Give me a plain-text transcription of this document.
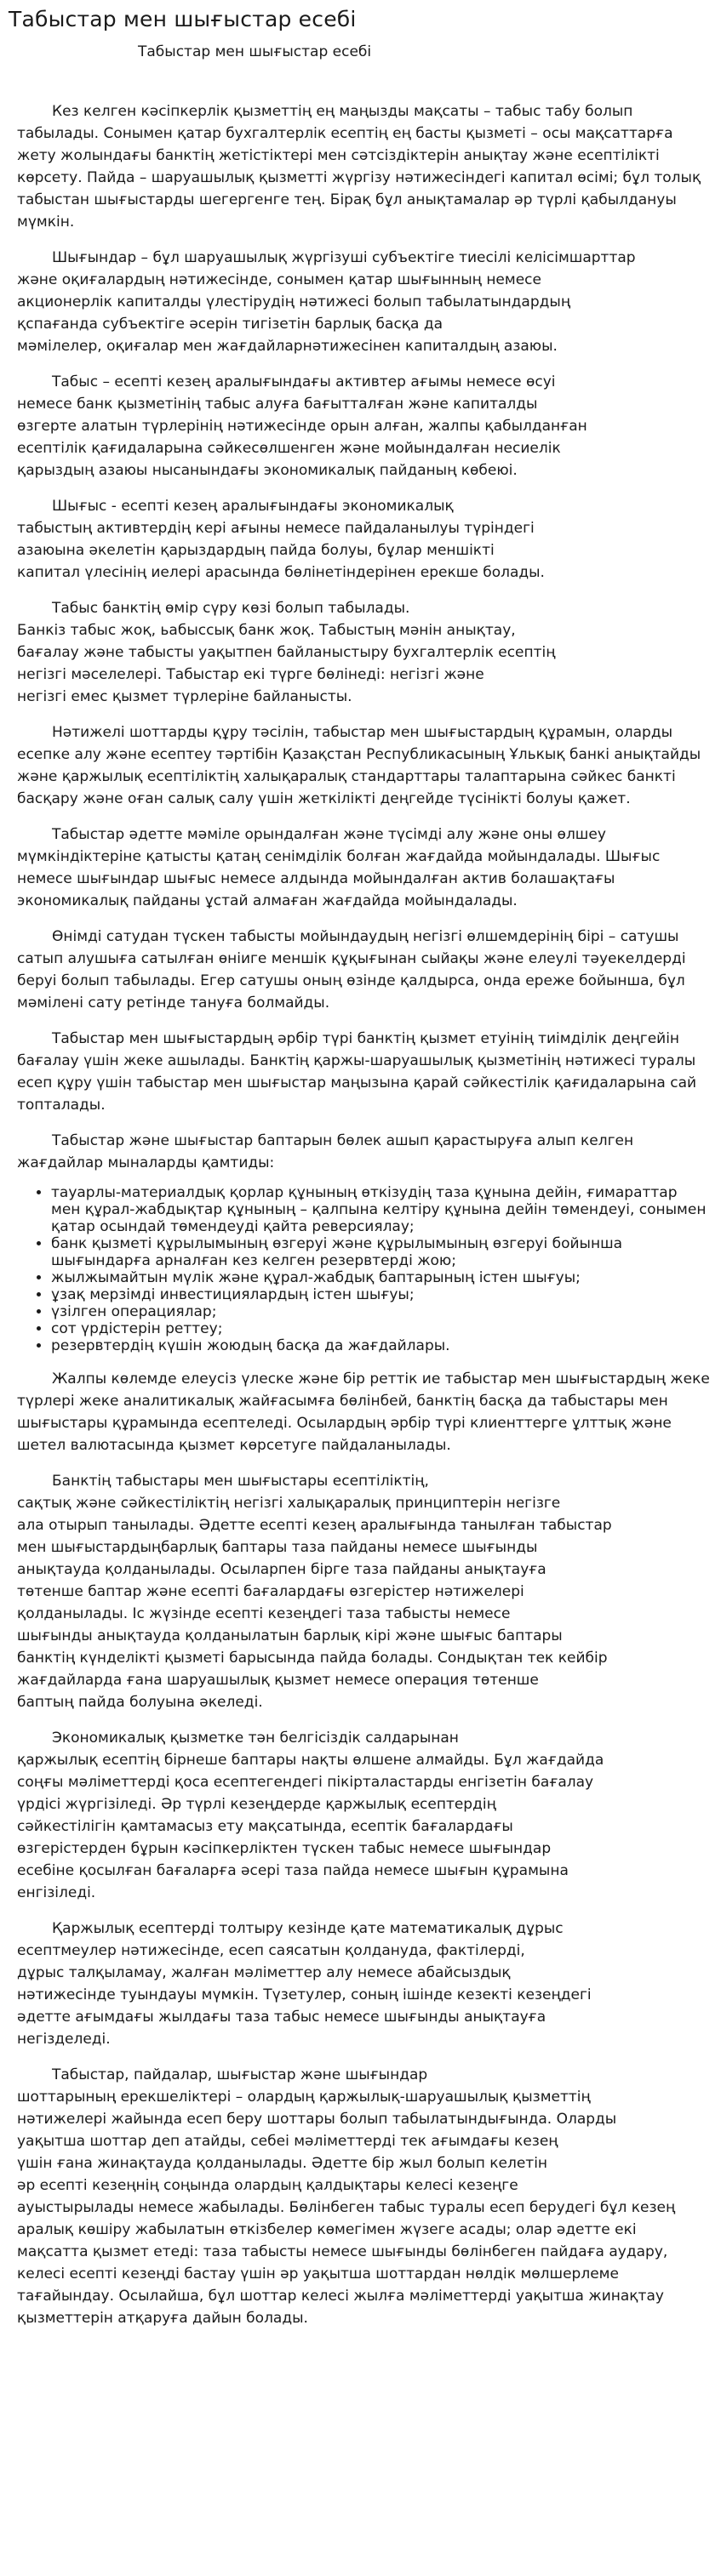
Табыстар мен шығыстар есебі
Табыстар мен шығыстар есебі

Кез келген кәсіпкерлік қызметтің ең маңызды мақсаты – табыс табу болып табылады. Сонымен қатар бухгалтерлік есептің ең басты қызметі – осы мақсаттарға жету жолындағы банктің жетістіктері мен сәтсіздіктерін анықтау және есептілікті көрсету. Пайда – шаруашылық қызметті жүргізу нәтижесіндегі капитал өсімі; бұл толық табыстан шығыстарды шегергенге тең. Бірақ бұл анықтамалар әр түрлі қабылдануы мүмкін.

Шығындар – бұл шаруашылық жүргізуші субъектіге тиесілі келісімшарттар
және оқиғалардың нәтижесінде, сонымен қатар шығынның немесе
акционерлік капиталды үлестірудің нәтижесі болып табылатындардың
қспағанда субъектіге әсерін тигізетін барлық басқа да
мәмілелер, оқиғалар мен жағдайларнәтижесінен капиталдың азаюы.

Табыс – есепті кезең аралығындағы активтер ағымы немесе өсуі
немесе банк қызметінің табыс алуға бағытталған және капиталды
өзгерте алатын түрлерінің нәтижесінде орын алған, жалпы қабылданған
есептілік қағидаларына сәйкесөлшенген және мойындалған несиелік
қарыздың азаюы нысанындағы экономикалық пайданың көбеюі.

Шығыс - есепті кезең аралығындағы экономикалық
табыстың активтердің кері ағыны немесе пайдаланылуы түріндегі
азаюына әкелетін қарыздардың пайда болуы, бұлар меншікті
капитал үлесінің иелері арасында бөлінетіндерінен ерекше болады.

Табыс банктің өмір сүру көзі болып табылады.
Банкіз табыс жоқ, ьабыссық банк жоқ. Табыстың мәнін анықтау,
бағалау және табысты уақытпен байланыстыру бухгалтерлік есептің
негізгі мәселелері. Табыстар екі түрге бөлінеді: негізгі және
негізгі емес қызмет түрлеріне байланысты.

Нәтижелі шоттарды құру тәсілін, табыстар мен шығыстардың құрамын, оларды есепке алу және есептеу тәртібін Қазақстан Республикасының Ұлькық банкі анықтайды және қаржылық есептіліктің халықаралық стандарттары талаптарына сәйкес банкті басқару және оған салық салу үшін жеткілікті деңгейде түсінікті болуы қажет.

Табыстар әдетте мәміле орындалған және түсімді алу және оны өлшеу мүмкіндіктеріне қатысты қатаң сенімділік болған жағдайда мойындалады. Шығыс немесе шығындар шығыс немесе алдында мойындалған актив болашақтағы экономикалық пайданы ұстай алмаған жағдайда мойындалады.

Өнімді сатудан түскен табысты мойындаудың негізгі өлшемдерінің бірі – сатушы сатып алушыға сатылған өніиге меншік құқығынан сыйақы және елеулі тәуекелдерді беруі болып табылады. Егер сатушы оның өзінде қалдырса, онда ереже бойынша, бұл мәмілені сату ретінде тануға болмайды.

Табыстар мен шығыстардың әрбір түрі банктің қызмет етуінің тиімділік деңгейін бағалау үшін жеке ашылады. Банктің қаржы-шаруашылық қызметінің нәтижесі туралы есеп құру үшін табыстар мен шығыстар маңызына қарай сәйкестілік қағидаларына сай топталады.

Табыстар және шығыстар баптарын бөлек ашып қарастыруға алып келген жағдайлар мыналарды қамтиды:

• тауарлы-материалдық қорлар құнының өткізудің таза құнына дейін, ғимараттар мен құрал-жабдықтар құнының – қалпына келтіру құнына дейін төмендеуі, сонымен қатар осындай төмендеуді қайта реверсиялау;
• банк қызметі құрылымының өзгеруі және құрылымының өзгеруі бойынша шығындарға арналған кез келген резервтерді жою;
• жылжымайтын мүлік және құрал-жабдық баптарының істен шығуы;
• ұзақ мерзімді инвестициялардың істен шығуы;
• үзілген операциялар;
• сот үрдістерін реттеу;
• резервтердің күшін жоюдың басқа да жағдайлары.

Жалпы көлемде елеусіз үлеске және бір реттік ие табыстар мен шығыстардың жеке түрлері жеке аналитикалық жайғасымға бөлінбей, банктің басқа да табыстары мен шығыстары құрамында есептеледі. Осылардың әрбір түрі клиенттерге ұлттық және шетел валютасында қызмет көрсетуге пайдаланылады.

Банктің табыстары мен шығыстары есептіліктің,
сақтық және сәйкестіліктің негізгі халықаралық принциптерін негізге
ала отырып танылады. Әдетте есепті кезең аралығында танылған табыстар
мен шығыстардыңбарлық баптары таза пайданы немесе шығынды
анықтауда қолданылады. Осыларпен бірге таза пайданы анықтауға
төтенше баптар және есепті бағалардағы өзгерістер нәтижелері
қолданылады. Іс жүзінде есепті кезеңдегі таза табысты немесе
шығынды анықтауда қолданылатын барлық кірі және шығыс баптары
банктің күнделікті қызметі барысында пайда болады. Сондықтан тек кейбір
жағдайларда ғана шаруашылық қызмет немесе операция төтенше
баптың пайда болуына әкеледі.

Экономикалық қызметке тән белгісіздік салдарынан
қаржылық есептің бірнеше баптары нақты өлшене алмайды. Бұл жағдайда
соңғы мәліметтерді қоса есептегендегі пікірталастарды енгізетін бағалау
үрдісі жүргізіледі. Әр түрлі кезеңдерде қаржылық есептердің
сәйкестілігін қамтамасыз ету мақсатында, есептік бағалардағы
өзгерістерден бұрын кәсіпкерліктен түскен табыс немесе шығындар
есебіне қосылған бағаларға әсері таза пайда немесе шығын құрамына
енгізіледі.

Қаржылық есептерді толтыру кезінде қате математикалық дұрыс
есептмеулер нәтижесінде, есеп саясатын қолдануда, фактілерді,
дұрыс талқыламау, жалған мәліметтер алу немесе абайсыздық
нәтижесінде туындауы мүмкін. Түзетулер, соның ішінде кезекті кезеңдегі
әдетте ағымдағы жылдағы таза табыс немесе шығынды анықтауға
негізделеді.

Табыстар, пайдалар, шығыстар және шығындар
шоттарының ерекшеліктері – олардың қаржылық-шаруашылық қызметтің
нәтижелері жайында есеп беру шоттары болып табылатындығында. Оларды
уақытша шоттар деп атайды, себеі мәліметтерді тек ағымдағы кезең
үшін ғана жинақтауда қолданылады. Әдетте бір жыл болып келетін
әр есепті кезеңнің соңында олардың қалдықтары келесі кезеңге
ауыстырылады немесе жабылады. Бөлінбеген табыс туралы есеп берудегі бұл кезең аралық көшіру жабылатын өткізбелер көмегімен жүзеге асады; олар әдетте екі мақсатта қызмет етеді: таза табысты немесе шығынды бөлінбеген пайдаға аудару, келесі есепті кезеңді бастау үшін әр уақытша шоттардан нөлдік мөлшерлеме тағайындау. Осылайша, бұл шоттар келесі жылға мәліметтерді уақытша жинақтау қызметтерін атқаруға дайын болады.
